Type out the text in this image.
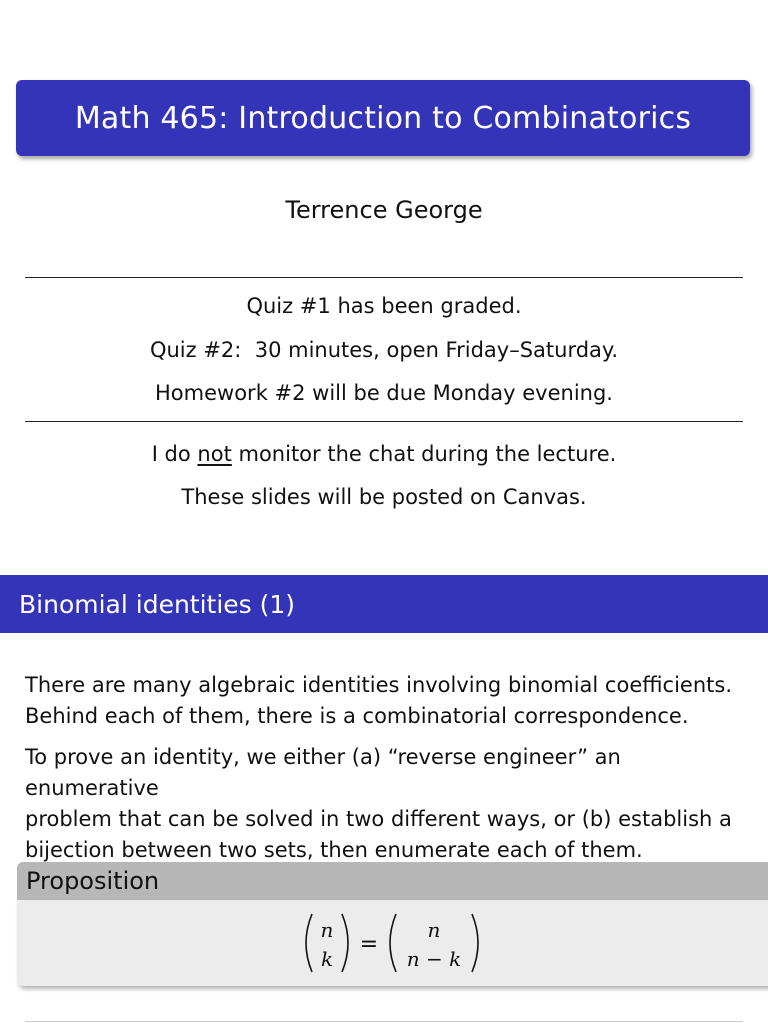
Math 465: Introduction to Combinatorics
Terrence George
Quiz #1 has been graded.
Quiz #2:  30 minutes, open Friday–Saturday.
Homework #2 will be due Monday evening.
I do not monitor the chat during the lecture.
These slides will be posted on Canvas.
Binomial identities (1)
There are many algebraic identities involving binomial coefficients.
Behind each of them, there is a combinatorial correspondence.
To prove an identity, we either (a) “reverse engineer” an enumerative
problem that can be solved in two different ways, or (b) establish a
bijection between two sets, then enumerate each of them.
Proposition
n
k
=
n
n − k
